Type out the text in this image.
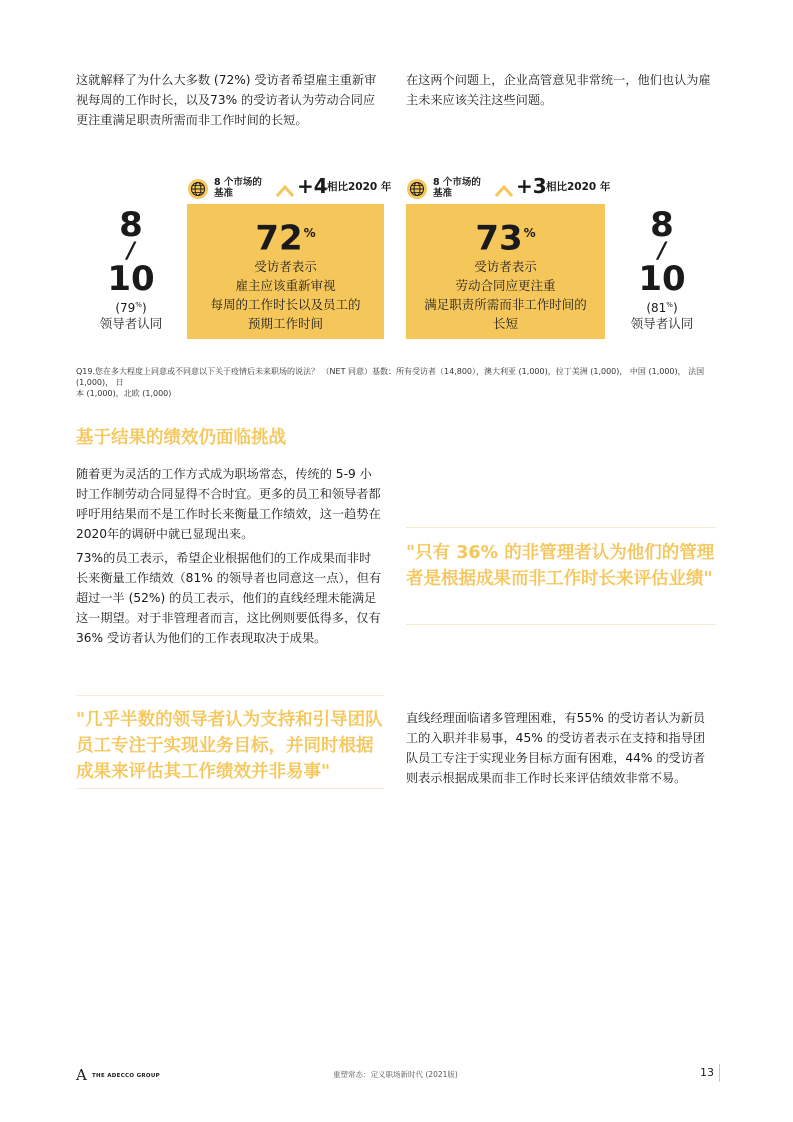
这就解释了为什么大多数 (72%) 受访者希望雇主重新审视每周的工作时长，以及73% 的受访者认为劳动合同应更注重满足职责所需而非工作时间的长短。

在这两个问题上，企业高管意见非常统一，他们也认为雇主未来应该关注这些问题。

8 个市场的
基准	+4 相比2020 年
8
/
10
(79%)
领导者认同
72%
受访者表示
雇主应该重新审视
每周的工作时长以及员工的
预期工作时间
8 个市场的
基准	+3 相比2020 年
73%
受访者表示
劳动合同应更注重
满足职责所需而非工作时间的
长短
8
/
10
(81%)
领导者认同
Q19.您在多大程度上同意或不同意以下关于疫情后未来职场的说法？ （NET 同意）基数：所有受访者（14,800），澳大利亚 (1,000)，拉丁美洲 (1,000)， 中国 (1,000)， 法国 (1,000)， 日
本 (1,000)，北欧 (1,000)
基于结果的绩效仍面临挑战

随着更为灵活的工作方式成为职场常态，传统的 5-9 小时工作制劳动合同显得不合时宜。更多的员工和领导者都呼吁用结果而不是工作时长来衡量工作绩效，这一趋势在2020年的调研中就已显现出来。

73%的员工表示，希望企业根据他们的工作成果而非时长来衡量工作绩效（81% 的领导者也同意这一点），但有超过一半 (52%) 的员工表示，他们的直线经理未能满足这一期望。对于非管理者而言，这比例则要低得多，仅有 36% 受访者认为他们的工作表现取决于成果。

"只有 36% 的非管理者认为他们的管理者是根据成果而非工作时长来评估业绩"

"几乎半数的领导者认为支持和引导团队员工专注于实现业务目标，并同时根据成果来评估其工作绩效并非易事"

直线经理面临诸多管理困难，有55% 的受访者认为新员工的入职并非易事，45% 的受访者表示在支持和指导团队员工专注于实现业务目标方面有困难，44% 的受访者则表示根据成果而非工作时长来评估绩效非常不易。

A THE ADECCO GROUP	重塑常态：定义职场新时代 (2021版)	13
